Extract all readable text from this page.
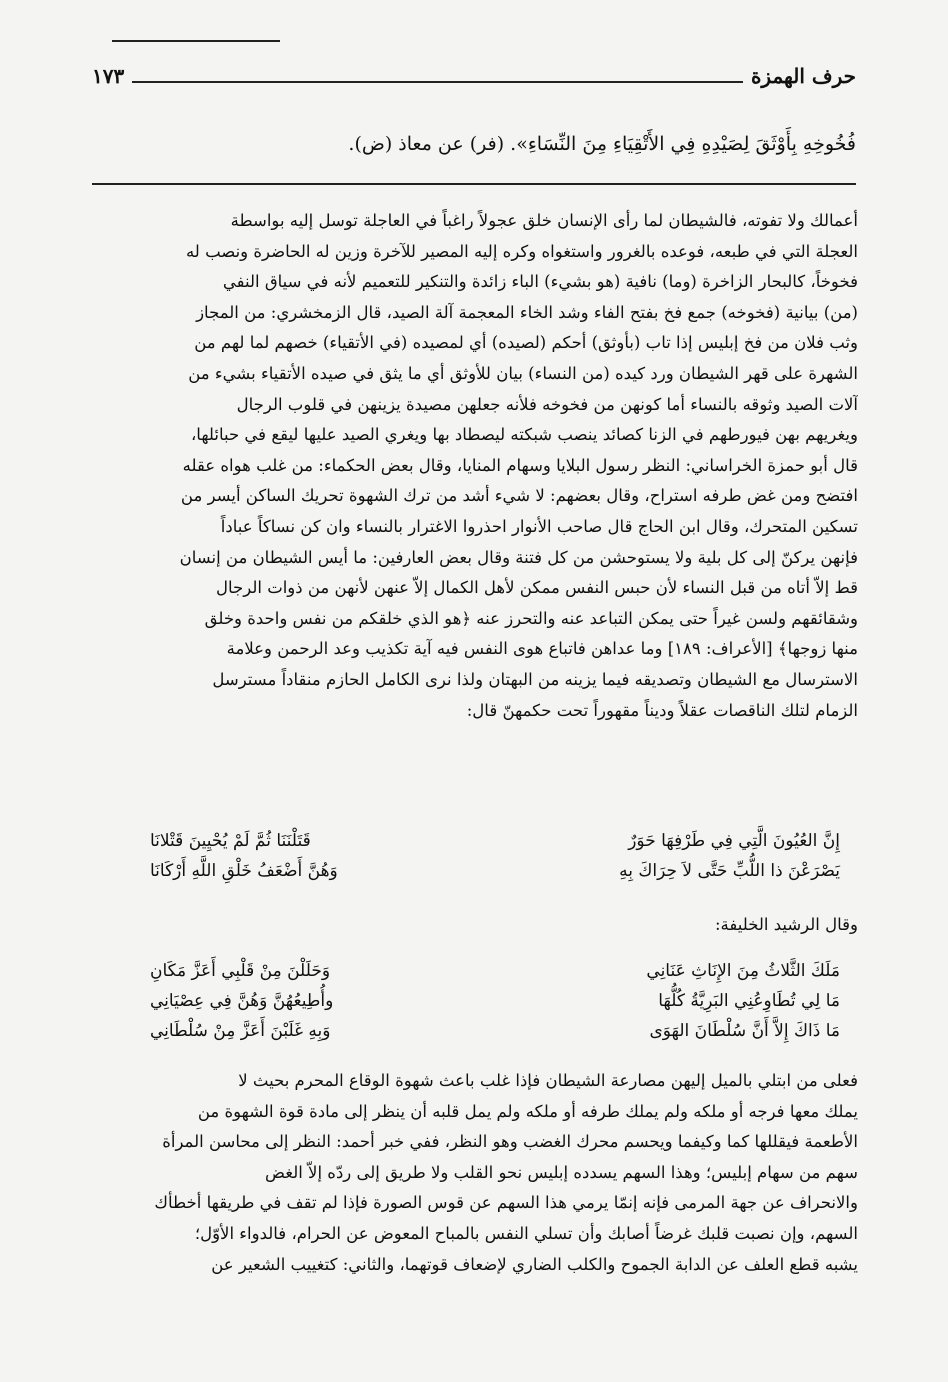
حرف الهمزة
١٧٣
فُخُوخِهِ بِأَوْثَقَ لِصَيْدِهِ فِي الأَتْقِيَاءِ مِنَ النِّسَاءِ». (فر) عن معاذ (ض).
أعمالك ولا تفوته، فالشيطان لما رأى الإنسان خلق عجولاً راغباً في العاجلة توسل إليه بواسطة
العجلة التي في طبعه، فوعده بالغرور واستغواه وكره إليه المصير للآخرة وزين له الحاضرة ونصب له
فخوخاً، كالبحار الزاخرة (وما) نافية (هو بشيء) الباء زائدة والتنكير للتعميم لأنه في سياق النفي
(من) بيانية (فخوخه) جمع فخ بفتح الفاء وشد الخاء المعجمة آلة الصيد، قال الزمخشري: من المجاز
وثب فلان من فخ إبليس إذا تاب (بأوثق) أحكم (لصيده) أي لمصيده (في الأتقياء) خصهم لما لهم من
الشهرة على قهر الشيطان ورد كيده (من النساء) بيان للأوثق أي ما يثق في صيده الأتقياء بشيء من
آلات الصيد وثوقه بالنساء أما كونهن من فخوخه فلأنه جعلهن مصيدة يزينهن في قلوب الرجال
ويغريهم بهن فيورطهم في الزنا كصائد ينصب شبكته ليصطاد بها ويغري الصيد عليها ليقع في حبائلها،
قال أبو حمزة الخراساني: النظر رسول البلايا وسهام المنايا، وقال بعض الحكماء: من غلب هواه عقله
افتضح ومن غض طرفه استراح، وقال بعضهم: لا شيء أشد من ترك الشهوة تحريك الساكن أيسر من
تسكين المتحرك، وقال ابن الحاج قال صاحب الأنوار احذروا الاغترار بالنساء وان كن نساكاً عباداً
فإنهن يركنّ إلى كل بلية ولا يستوحشن من كل فتنة وقال بعض العارفين: ما أيس الشيطان من إنسان
قط إلاّ أتاه من قبل النساء لأن حبس النفس ممكن لأهل الكمال إلاّ عنهن لأنهن من ذوات الرجال
وشقائقهم ولسن غيراً حتى يمكن التباعد عنه والتحرز عنه ﴿هو الذي خلقكم من نفس واحدة وخلق
منها زوجها﴾ [الأعراف: ١٨٩] وما عداهن فاتباع هوى النفس فيه آية تكذيب وعد الرحمن وعلامة
الاسترسال مع الشيطان وتصديقه فيما يزينه من البهتان ولذا نرى الكامل الحازم منقاداً مسترسل
الزمام لتلك الناقصات عقلاً وديناً مقهوراً تحت حكمهنّ قال:
إِنَّ العُيُونَ الَّتِي فِي طَرْفِهَا حَوَرٌ
قَتَلْنَنَا ثُمَّ لَمْ يُحْيِينَ قَتْلانَا
يَصْرَعْنَ ذا اللُّبِّ حَتَّى لاَ حِرَاكَ بِهِ
وَهُنَّ أَضْعَفُ خَلْقِ اللَّهِ أَرْكَانَا
وقال الرشيد الخليفة:
مَلَكَ الثَّلاثُ مِنَ الإِنَاثِ عَنَانِي
وَحَلَلْنَ مِنْ قَلْبِي أَعَزَّ مَكَانِ
مَا لِي تُطَاوِعُنِي البَرِيَّةُ كُلُّهَا
وأُطِيعُهُنَّ وَهُنَّ فِي عِصْيَانِي
مَا ذَاكَ إِلاَّ أَنَّ سُلْطَانَ الهَوَى
وَبِهِ غَلَبْنَ أَعَزَّ مِنْ سُلْطَانِي
فعلى من ابتلي بالميل إليهن مصارعة الشيطان فإذا غلب باعث شهوة الوقاع المحرم بحيث لا
يملك معها فرجه أو ملكه ولم يملك طرفه أو ملكه ولم يمل قلبه أن ينظر إلى مادة قوة الشهوة من
الأطعمة فيقللها كما وكيفما ويحسم محرك الغضب وهو النظر، ففي خبر أحمد: النظر إلى محاسن المرأة
سهم من سهام إبليس؛ وهذا السهم يسدده إبليس نحو القلب ولا طريق إلى ردّه إلاّ الغض
والانحراف عن جهة المرمى فإنه إنمّا يرمي هذا السهم عن قوس الصورة فإذا لم تقف في طريقها أخطأك
السهم، وإن نصبت قلبك غرضاً أصابك وأن تسلي النفس بالمباح المعوض عن الحرام، فالدواء الأوّل؛
يشبه قطع العلف عن الدابة الجموح والكلب الضاري لإضعاف قوتهما، والثاني: كتغييب الشعير عن
